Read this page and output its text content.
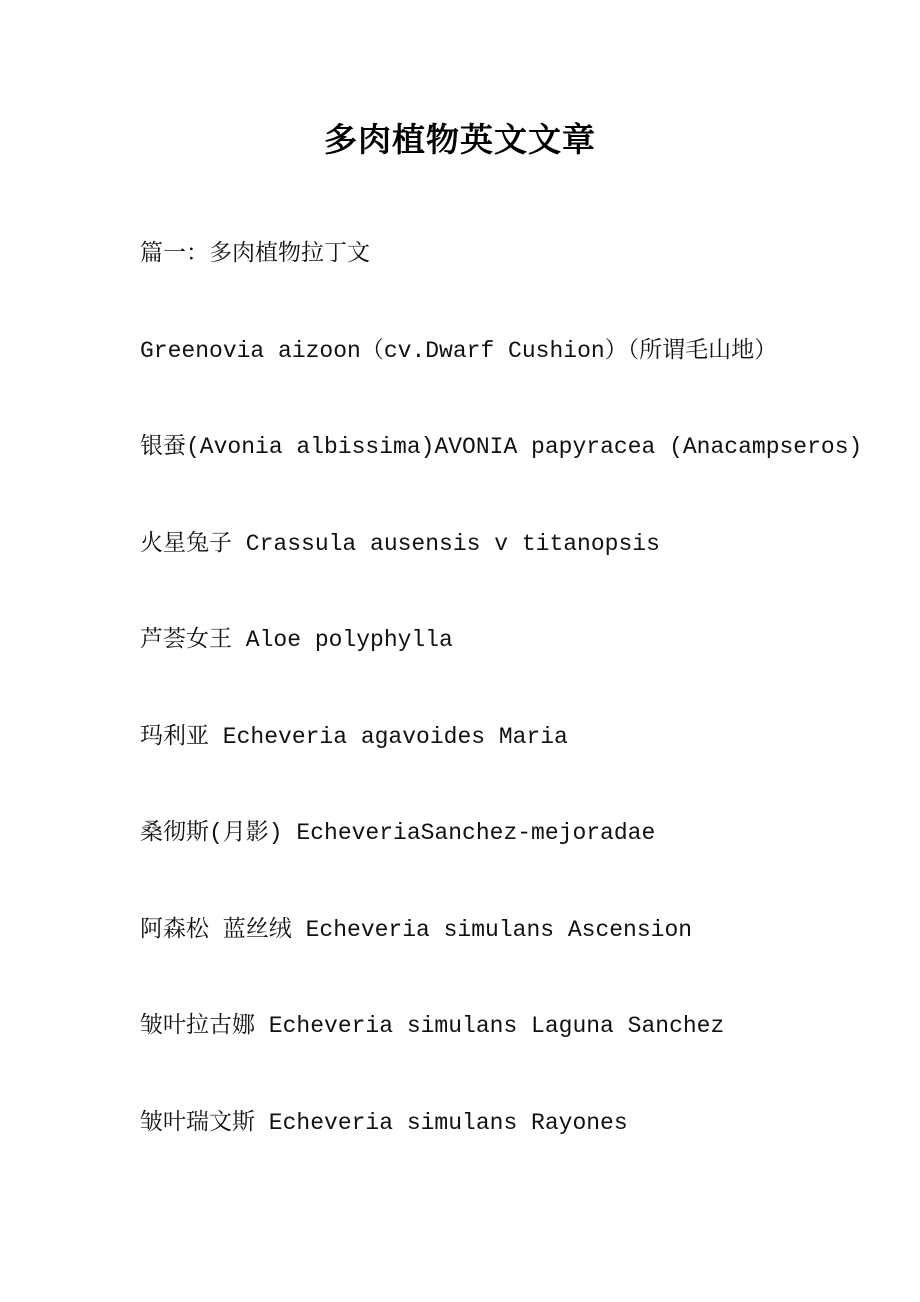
多肉植物英文文章
篇一：多肉植物拉丁文
Greenovia aizoon（cv.Dwarf Cushion）（所谓毛山地）
银蚕(Avonia albissima)AVONIA papyracea (Anacampseros)
火星兔子 Crassula ausensis v titanopsis
芦荟女王 Aloe polyphylla
玛利亚 Echeveria agavoides Maria
桑彻斯(月影) EcheveriaSanchez-mejoradae
阿森松 蓝丝绒 Echeveria simulans Ascension
皱叶拉古娜 Echeveria simulans Laguna Sanchez
皱叶瑞文斯 Echeveria simulans Rayones
